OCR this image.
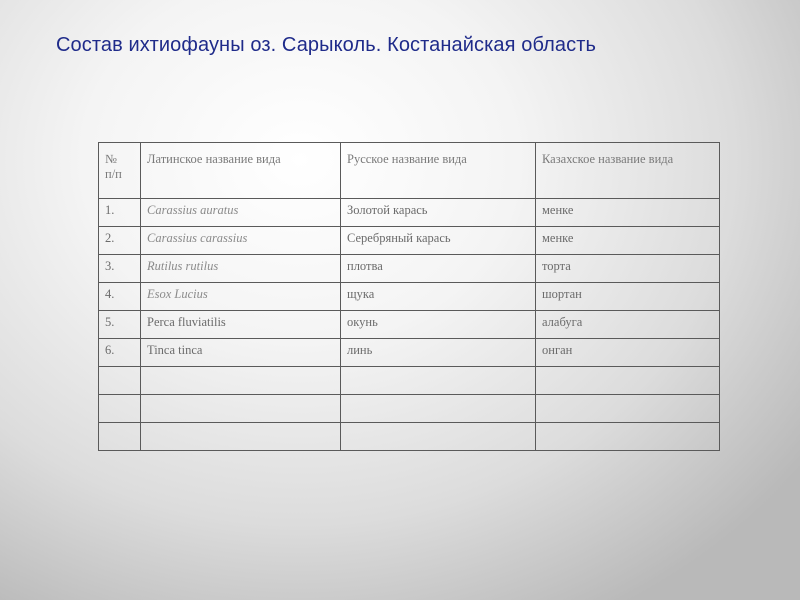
Состав ихтиофауны оз. Сарыколь. Костанайская область
№
п/п	Латинское название вида	Русское название вида	Казахское название вида
1.	Carassius auratus	Золотой карась	менке
2.	Carassius carassius	Серебряный карась	менке
3.	Rutilus rutilus	плотва	торта
4.	Esox Lucius	щука	шортан
5.	Perca fluviatilis	окунь	алабуга
6.	Tinca tinca	линь	онган
